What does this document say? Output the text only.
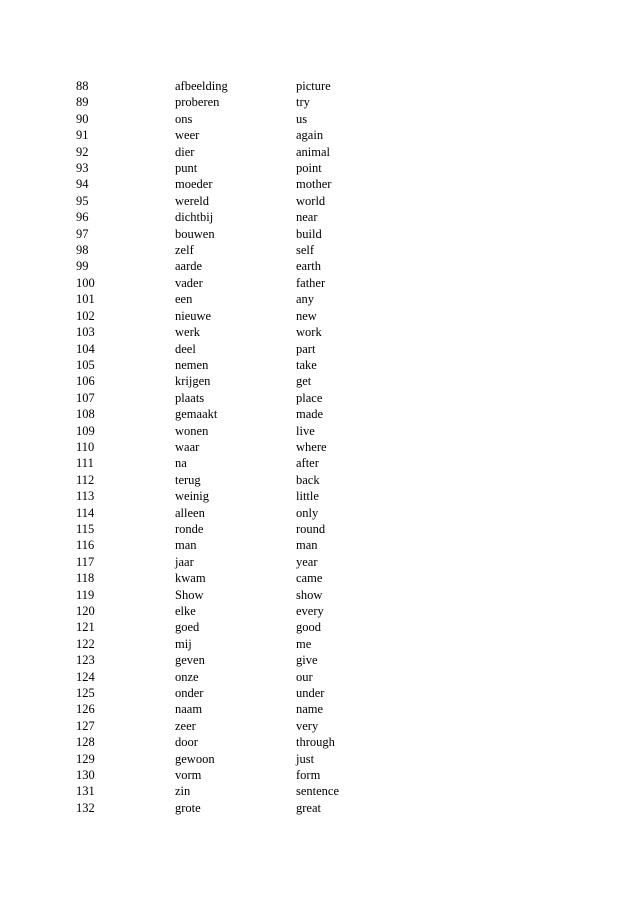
88	afbeelding	picture
89	proberen	try
90	ons	us
91	weer	again
92	dier	animal
93	punt	point
94	moeder	mother
95	wereld	world
96	dichtbij	near
97	bouwen	build
98	zelf	self
99	aarde	earth
100	vader	father
101	een	any
102	nieuwe	new
103	werk	work
104	deel	part
105	nemen	take
106	krijgen	get
107	plaats	place
108	gemaakt	made
109	wonen	live
110	waar	where
111	na	after
112	terug	back
113	weinig	little
114	alleen	only
115	ronde	round
116	man	man
117	jaar	year
118	kwam	came
119	Show	show
120	elke	every
121	goed	good
122	mij	me
123	geven	give
124	onze	our
125	onder	under
126	naam	name
127	zeer	very
128	door	through
129	gewoon	just
130	vorm	form
131	zin	sentence
132	grote	great
